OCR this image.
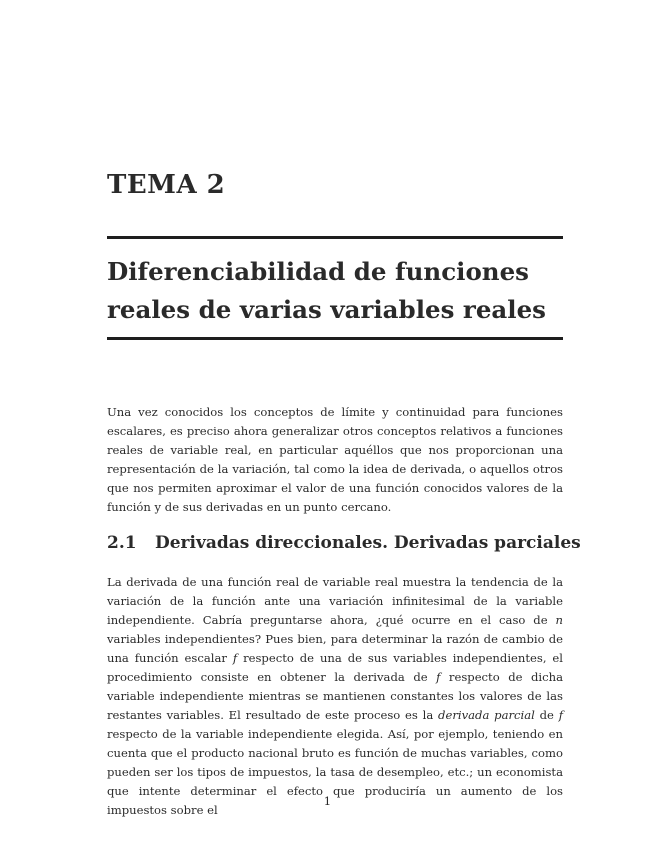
TEMA 2
Diferenciabilidad de funciones
reales de varias variables reales

Una vez conocidos los conceptos de límite y continuidad para funciones escalares, es preciso ahora generalizar otros conceptos relativos a funciones reales de variable real, en particular aquéllos que nos proporcionan una representación de la variación, tal como la idea de derivada, o aquellos otros que nos permiten aproximar el valor de una función conocidos valores de la función y de sus derivadas en un punto cercano.

2.1 Derivadas direccionales. Derivadas parciales

La derivada de una función real de variable real muestra la tendencia de la variación de la función ante una variación infinitesimal de la variable independiente. Cabría preguntarse ahora, ¿qué ocurre en el caso de n variables independientes? Pues bien, para determinar la razón de cambio de una función escalar f respecto de una de sus variables independientes, el procedimiento consiste en obtener la derivada de f respecto de dicha variable independiente mientras se mantienen constantes los valores de las restantes variables. El resultado de este proceso es la derivada parcial de f respecto de la variable independiente elegida. Así, por ejemplo, teniendo en cuenta que el producto nacional bruto es función de muchas variables, como pueden ser los tipos de impuestos, la tasa de desempleo, etc.; un economista que intente determinar el efecto que produciría un aumento de los impuestos sobre el

1
